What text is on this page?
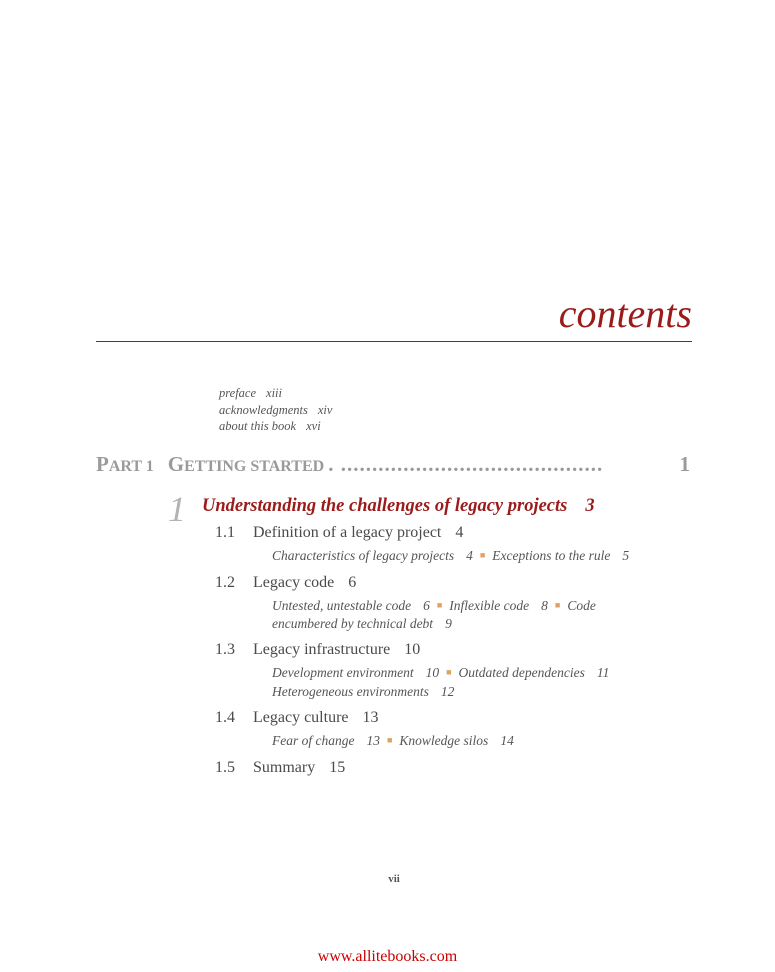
contents
preface xiii
acknowledgments xiv
about this book xvi
PART 1 GETTING STARTED . ..........................................	1
1 Understanding the challenges of legacy projects 3
1.1 Definition of a legacy project 4
Characteristics of legacy projects 4 ■ Exceptions to the rule 5
1.2 Legacy code 6
Untested, untestable code 6 ■ Inflexible code 8 ■ Code
encumbered by technical debt 9
1.3 Legacy infrastructure 10
Development environment 10 ■ Outdated dependencies 11
Heterogeneous environments 12
1.4 Legacy culture 13
Fear of change 13 ■ Knowledge silos 14
1.5 Summary 15
vii
www.allitebooks.com
